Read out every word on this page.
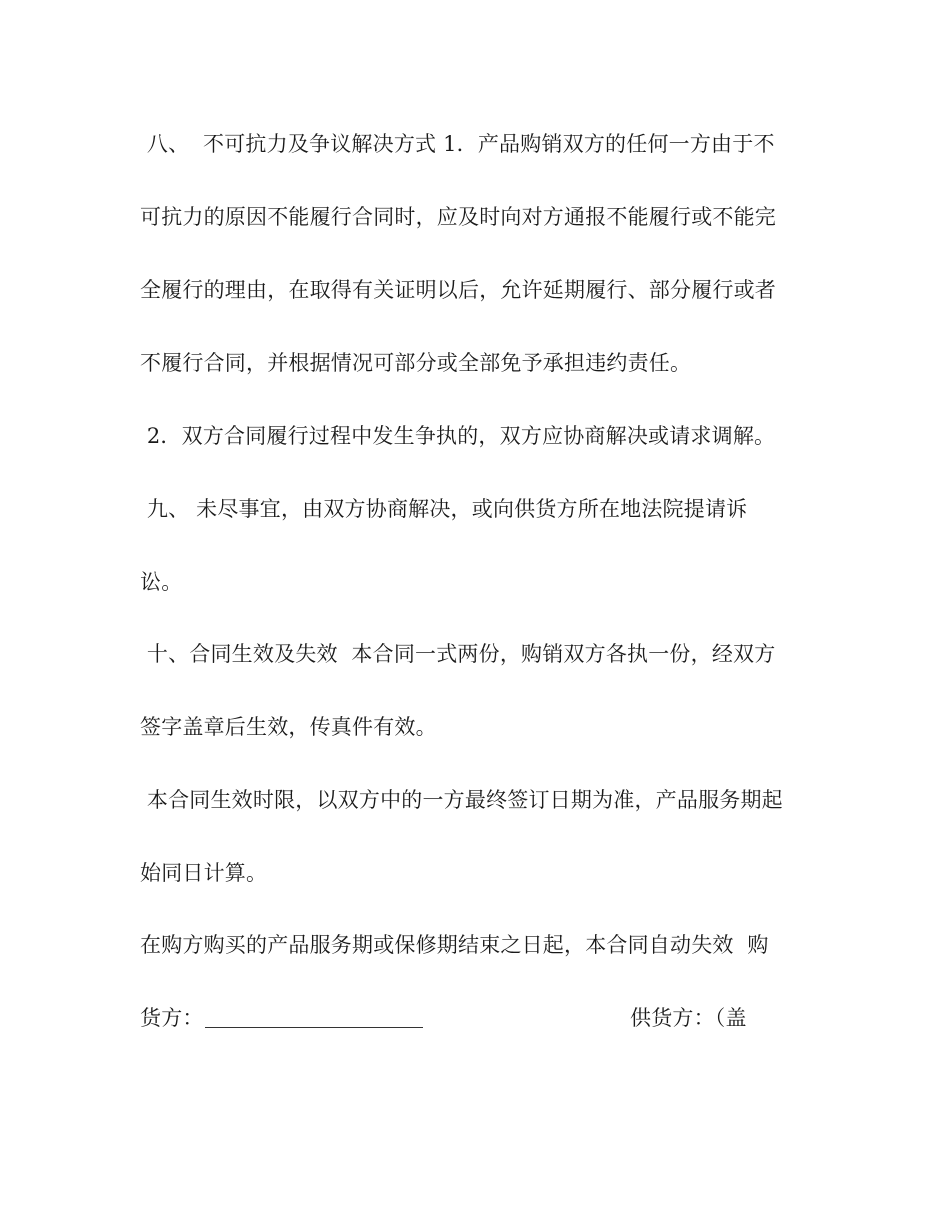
八、  不可抗力及争议解决方式 1．产品购销双方的任何一方由于不
可抗力的原因不能履行合同时，应及时向对方通报不能履行或不能完
全履行的理由，在取得有关证明以后，允许延期履行、部分履行或者
不履行合同，并根据情况可部分或全部免予承担违约责任。
2．双方合同履行过程中发生争执的，双方应协商解决或请求调解。
九、 未尽事宜，由双方协商解决，或向供货方所在地法院提请诉
讼。
十、合同生效及失效  本合同一式两份，购销双方各执一份，经双方
签字盖章后生效，传真件有效。
本合同生效时限，以双方中的一方最终签订日期为准，产品服务期起
始同日计算。
在购方购买的产品服务期或保修期结束之日起，本合同自动失效  购
货方：	供货方：（盖
